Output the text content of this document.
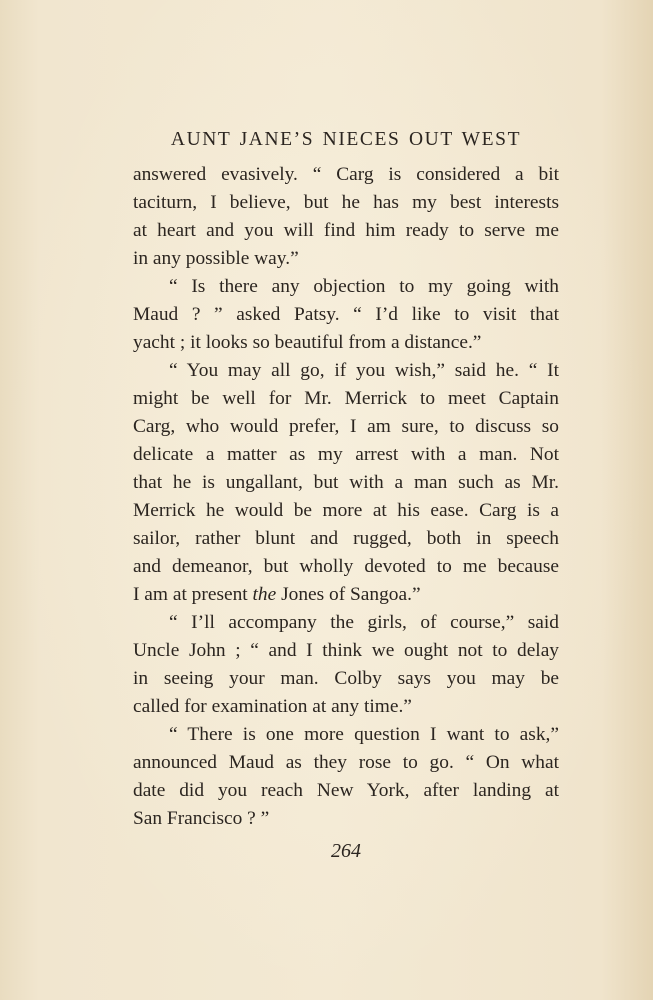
AUNT JANE’S NIECES OUT WEST

answered evasively. “ Carg is considered a bit
taciturn, I believe, but he has my best interests
at heart and you will find him ready to serve me
in any possible way.”

“ Is there any objection to my going with
Maud ? ” asked Patsy. “ I’d like to visit that
yacht ; it looks so beautiful from a distance.”

“ You may all go, if you wish,” said he. “ It
might be well for Mr. Merrick to meet Captain
Carg, who would prefer, I am sure, to discuss so
delicate a matter as my arrest with a man. Not
that he is ungallant, but with a man such as Mr.
Merrick he would be more at his ease. Carg is a
sailor, rather blunt and rugged, both in speech
and demeanor, but wholly devoted to me because
I am at present the Jones of Sangoa.”

“ I’ll accompany the girls, of course,” said
Uncle John ; “ and I think we ought not to delay
in seeing your man. Colby says you may be
called for examination at any time.”

“ There is one more question I want to ask,”
announced Maud as they rose to go. “ On what
date did you reach New York, after landing at
San Francisco ? ”

264
